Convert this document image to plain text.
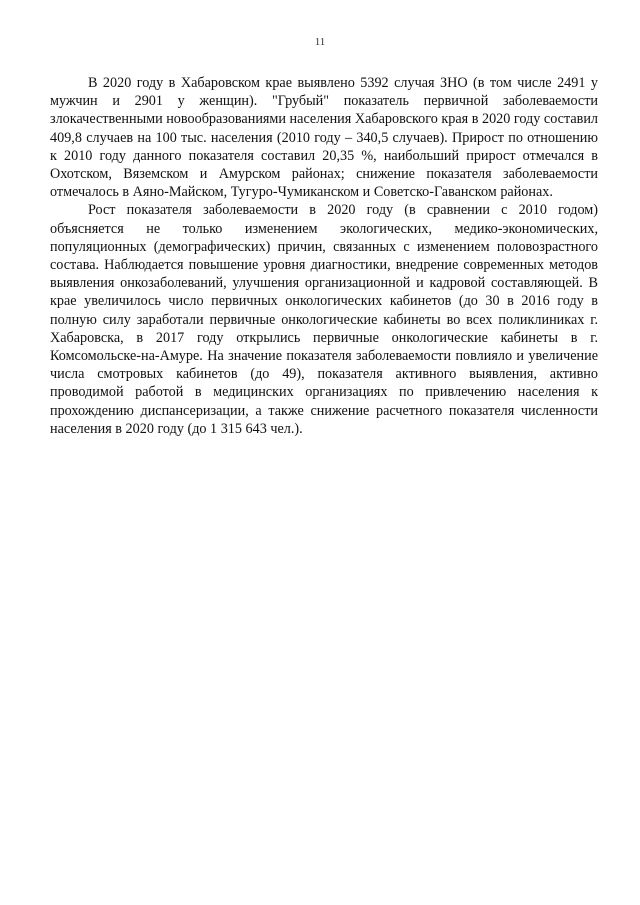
11

В 2020 году в Хабаровском крае выявлено 5392 случая ЗНО (в том числе 2491 у мужчин и 2901 у женщин). "Грубый" показатель первичной заболеваемости злокачественными новообразованиями населения Хабаровского края в 2020 году составил 409,8 случаев на 100 тыс. населения (2010 году – 340,5 случаев). Прирост по отношению к 2010 году данного показателя составил 20,35 %, наибольший прирост отмечался в Охотском, Вяземском и Амурском районах; снижение показателя заболеваемости отмечалось в Аяно-Майском, Тугуро-Чумиканском и Советско-Гаванском районах.

Рост показателя заболеваемости в 2020 году (в сравнении с 2010 годом) объясняется не только изменением экологических, медико-экономических, популяционных (демографических) причин, связанных с изменением половозрастного состава. Наблюдается повышение уровня диагностики, внедрение современных методов выявления онкозаболеваний, улучшения организационной и кадровой составляющей. В крае увеличилось число первичных онкологических кабинетов (до 30 в 2016 году в полную силу заработали первичные онкологические кабинеты во всех поликлиниках г. Хабаровска, в 2017 году открылись первичные онкологические кабинеты в г. Комсомольске-на-Амуре. На значение показателя заболеваемости повлияло и увеличение числа смотровых кабинетов (до 49), показателя активного выявления, активно проводимой работой в медицинских организациях по привлечению населения к прохождению диспансеризации, а также снижение расчетного показателя численности населения в 2020 году (до 1 315 643 чел.).
